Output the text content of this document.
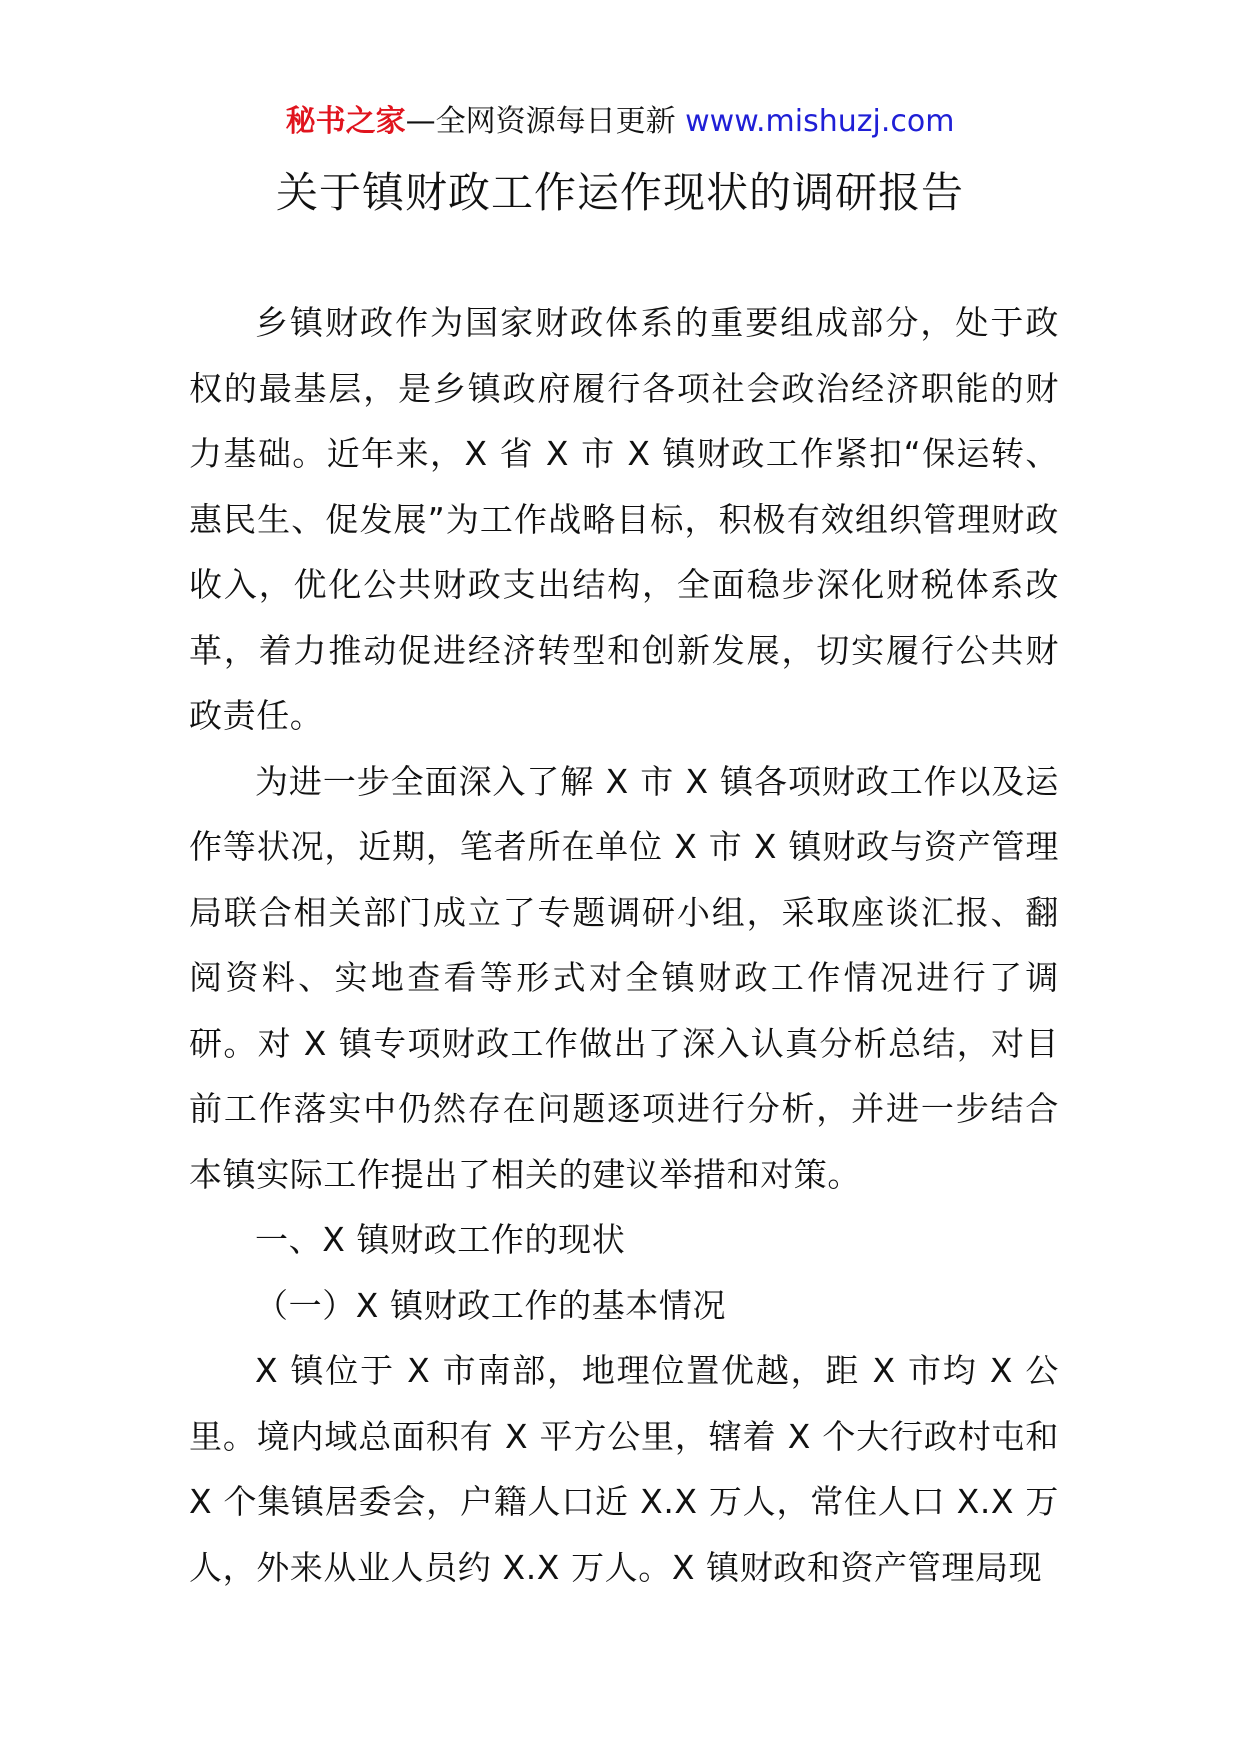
秘书之家—全网资源每日更新 www.mishuzj.com
关于镇财政工作运作现状的调研报告

乡镇财政作为国家财政体系的重要组成部分，处于政权的最基层，是乡镇政府履行各项社会政治经济职能的财力基础。近年来，X 省 X 市 X 镇财政工作紧扣“保运转、惠民生、促发展”为工作战略目标，积极有效组织管理财政收入，优化公共财政支出结构，全面稳步深化财税体系改革，着力推动促进经济转型和创新发展，切实履行公共财政责任。

为进一步全面深入了解 X 市 X 镇各项财政工作以及运作等状况，近期，笔者所在单位 X 市 X 镇财政与资产管理局联合相关部门成立了专题调研小组，采取座谈汇报、翻阅资料、实地查看等形式对全镇财政工作情况进行了调研。对 X 镇专项财政工作做出了深入认真分析总结，对目前工作落实中仍然存在问题逐项进行分析，并进一步结合本镇实际工作提出了相关的建议举措和对策。

一、X 镇财政工作的现状

（一）X 镇财政工作的基本情况

X 镇位于 X 市南部，地理位置优越，距 X 市均 X 公里。境内域总面积有 X 平方公里，辖着 X 个大行政村屯和 X 个集镇居委会，户籍人口近 X.X 万人，常住人口 X.X 万人，外来从业人员约 X.X 万人。X 镇财政和资产管理局现
